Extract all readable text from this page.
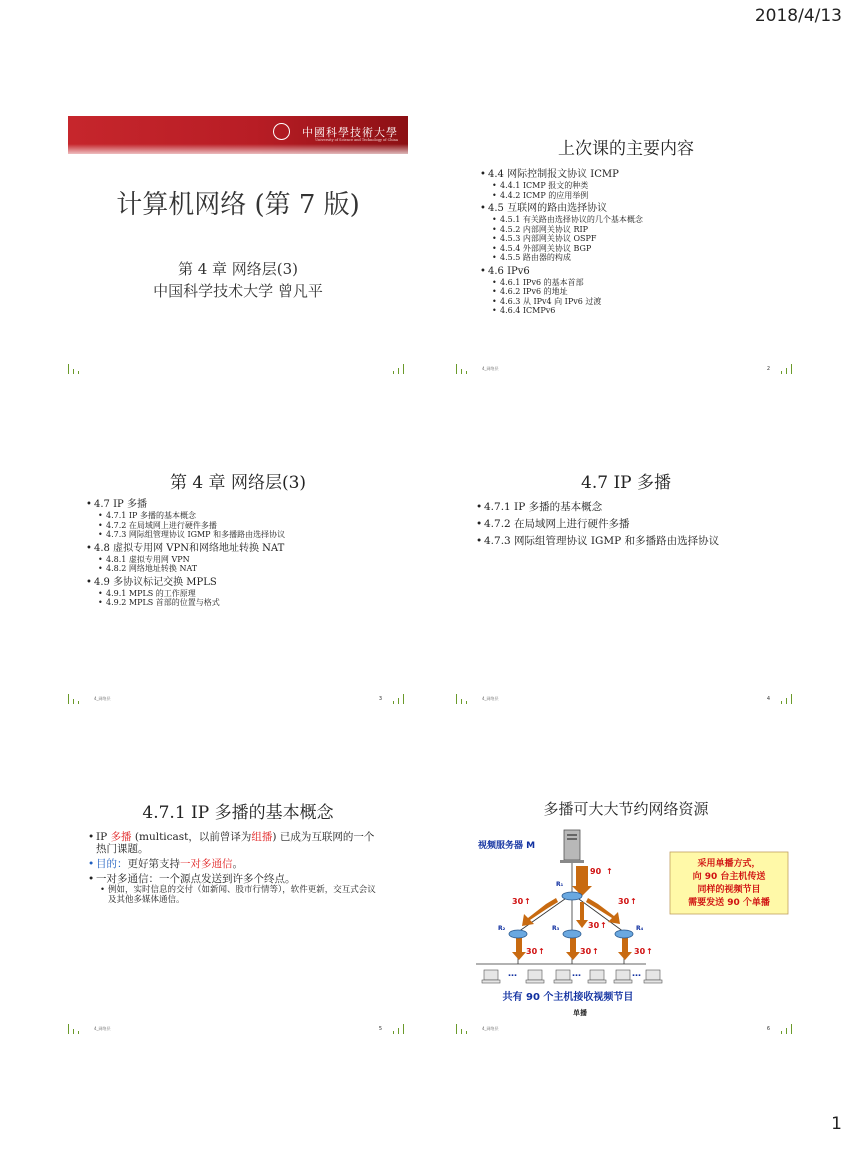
2018/4/13
中國科學技術大學
University of Science and Technology of China
计算机网络 (第 7 版)
第 4 章 网络层(3)
中国科学技术大学 曾凡平
上次课的主要内容
• 4.4 网际控制报文协议 ICMP
• 4.4.1 ICMP 报文的种类
• 4.4.2 ICMP 的应用举例
• 4.5 互联网的路由选择协议
• 4.5.1 有关路由选择协议的几个基本概念
• 4.5.2 内部网关协议 RIP
• 4.5.3 内部网关协议 OSPF
• 4.5.4 外部网关协议 BGP
• 4.5.5 路由器的构成
• 4.6 IPv6
• 4.6.1 IPv6 的基本首部
• 4.6.2 IPv6 的地址
• 4.6.3 从 IPv4 向 IPv6 过渡
• 4.6.4 ICMPv6
4_网络层	2
第 4 章 网络层(3)
• 4.7 IP 多播
• 4.7.1 IP 多播的基本概念
• 4.7.2 在局域网上进行硬件多播
• 4.7.3 网际组管理协议 IGMP 和多播路由选择协议
• 4.8 虚拟专用网 VPN和网络地址转换 NAT
• 4.8.1 虚拟专用网 VPN
• 4.8.2 网络地址转换 NAT
• 4.9 多协议标记交换 MPLS
• 4.9.1 MPLS 的工作原理
• 4.9.2 MPLS 首部的位置与格式
4_网络层	3
4.7 IP 多播
• 4.7.1 IP 多播的基本概念
• 4.7.2 在局域网上进行硬件多播
• 4.7.3 网际组管理协议 IGMP 和多播路由选择协议
4_网络层	4
4.7.1 IP 多播的基本概念
• IP 多播 (multicast，以前曾译为组播) 已成为互联网的一个热门课题。
• 目的：更好第支持一对多通信。
• 一对多通信：一个源点发送到许多个终点。
• 例如，实时信息的交付（如新闻、股市行情等），软件更新，交互式会议及其他多媒体通信。
4_网络层	5
多播可大大节约网络资源
视频服务器 M
R₁
R₂	R₃	R₄
90 ↑
30 ↑	30 ↑
30 ↑
30 ↑	30 ↑	30 ↑
…	…	…
采用单播方式，
向 90 台主机传送
同样的视频节目
需要发送 90 个单播
共有 90 个主机接收视频节目
单播
4_网络层	6
1
